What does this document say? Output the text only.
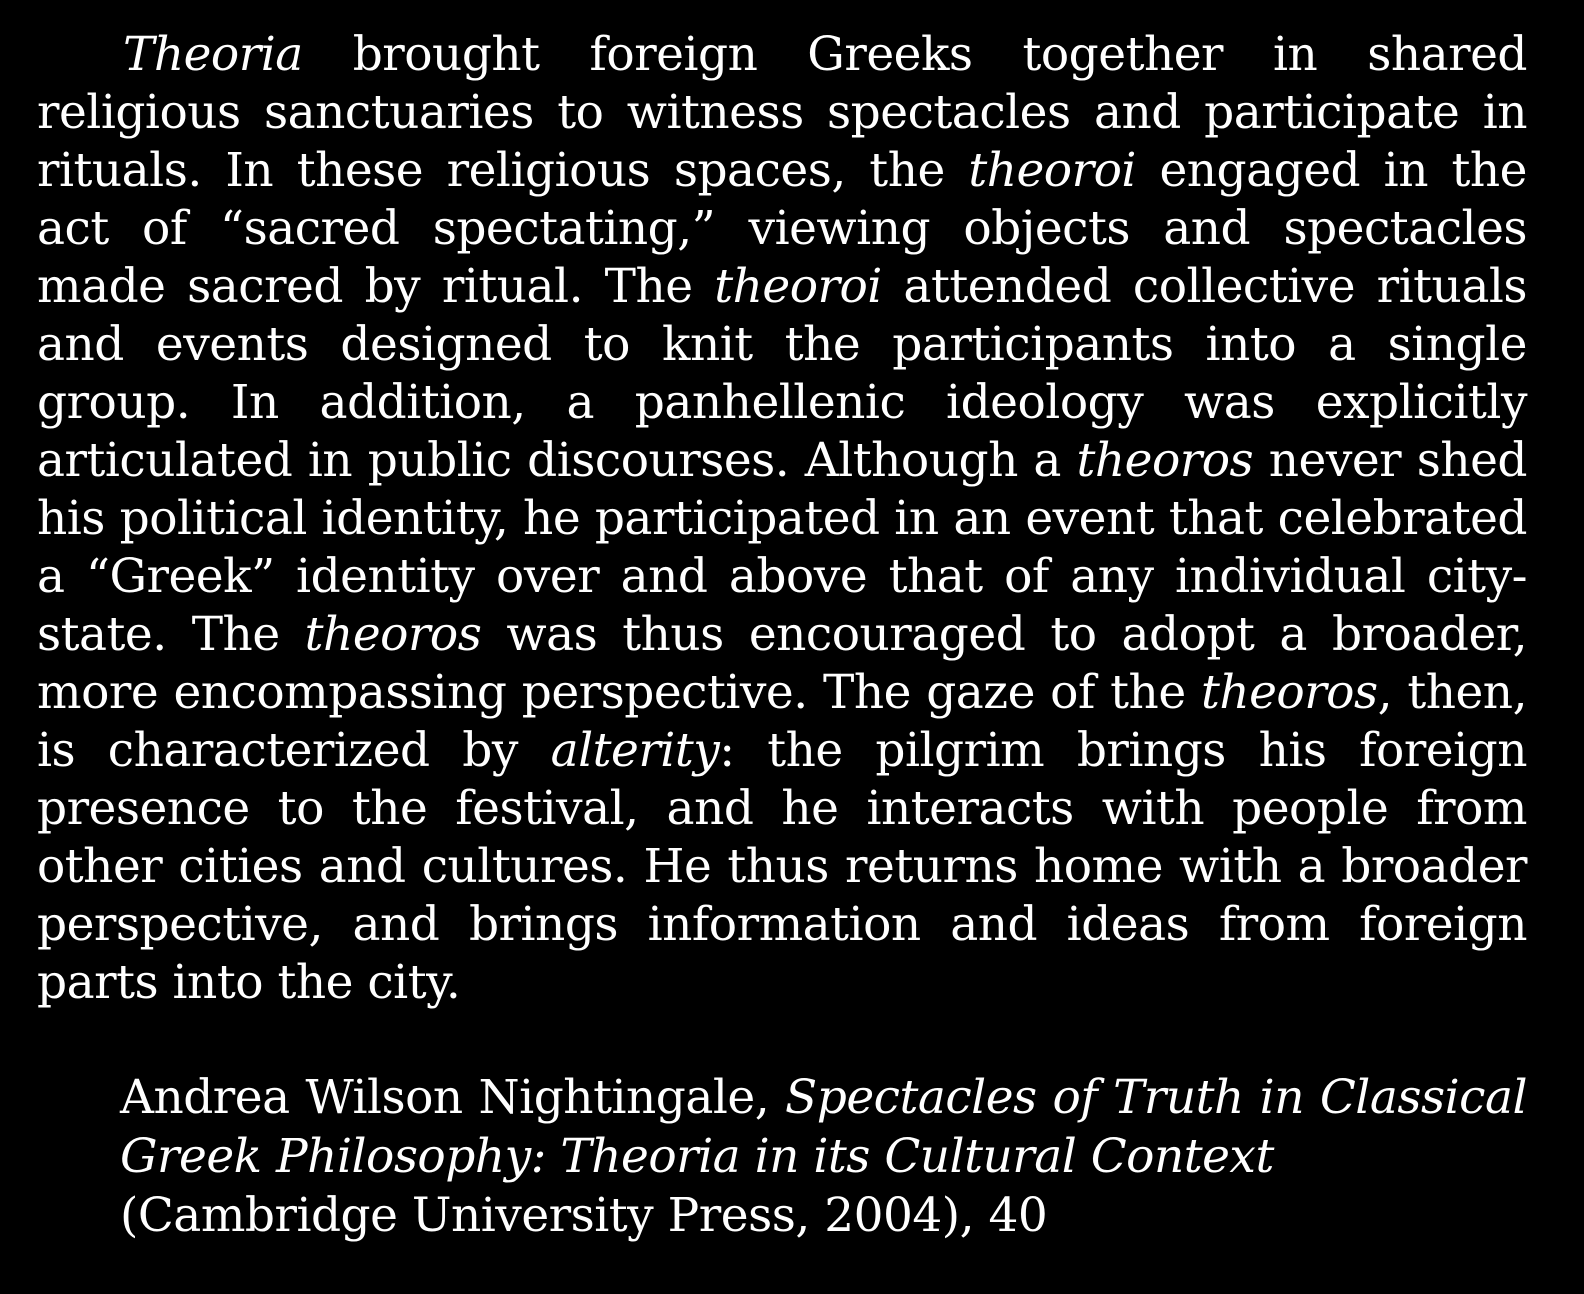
Theoria brought foreign Greeks together in shared religious sanctuaries to witness spectacles and participate in rituals. In these religious spaces, the theoroi engaged in the act of “sacred spectating,” viewing objects and spectacles made sacred by ritual. The theoroi attended collective rituals and events designed to knit the participants into a single group. In addition, a panhellenic ideology was explicitly articulated in public discourses. Although a theoros never shed his political identity, he participated in an event that celebrated a “Greek” identity over and above that of any individual city-state. The theoros was thus encouraged to adopt a broader, more encompassing perspective. The gaze of the theoros, then, is characterized by alterity: the pilgrim brings his foreign presence to the festival, and he interacts with people from other cities and cultures. He thus returns home with a broader perspective, and brings information and ideas from foreign parts into the city.

Andrea Wilson Nightingale, Spectacles of Truth in Classical Greek Philosophy: Theoria in its Cultural Context
(Cambridge University Press, 2004), 40
